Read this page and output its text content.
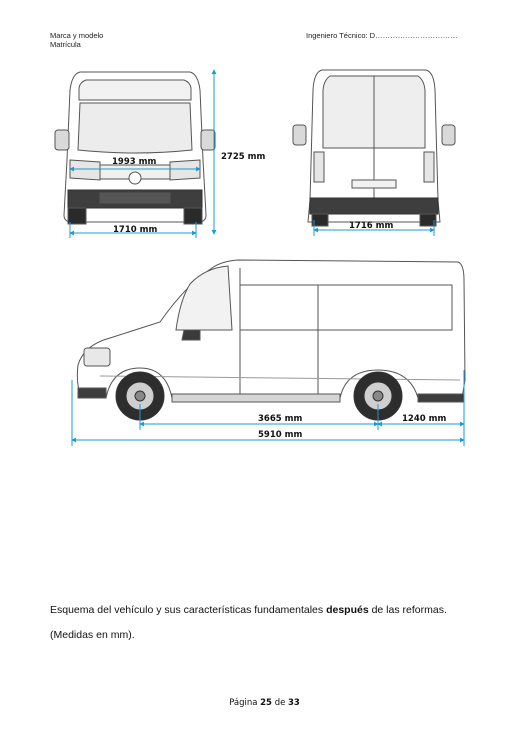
Marca y modelo
Matrícula
Ingeniero Técnico: D……………………………
1993 mm
1710 mm
2725 mm
1716 mm
3665 mm	1240 mm
5910 mm
Esquema del vehículo y sus características fundamentales después de las reformas.
(Medidas en mm).
Página 25 de 33
